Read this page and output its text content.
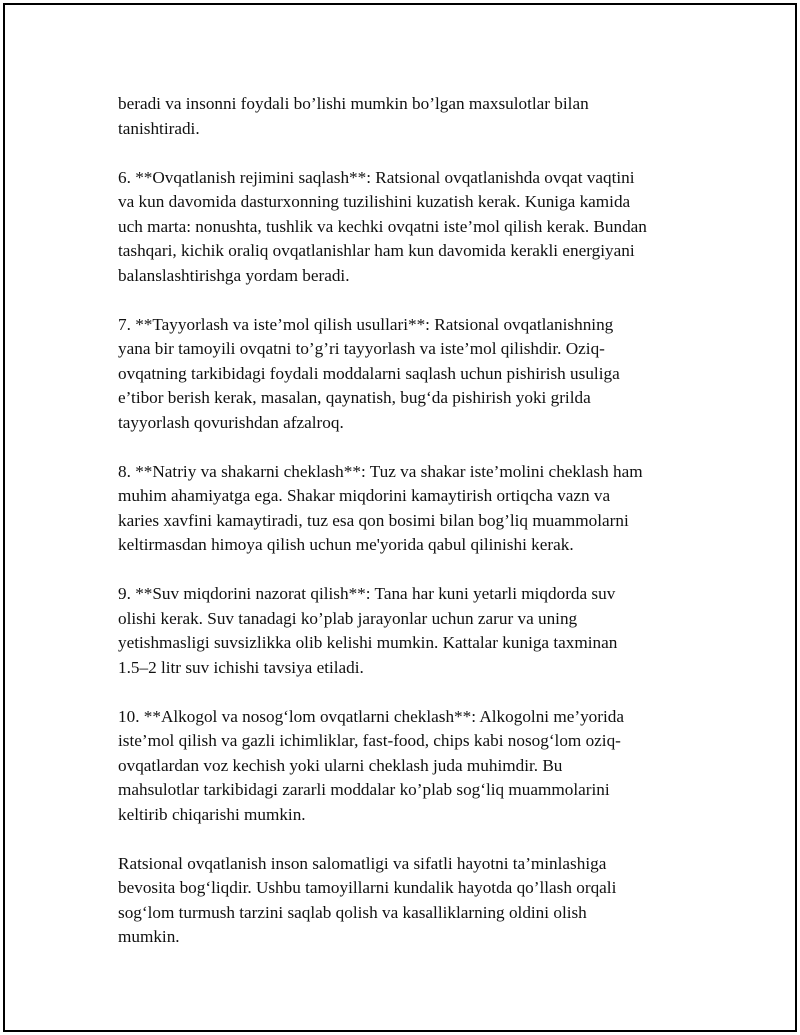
beradi va insonni foydali bo’lishi mumkin bo’lgan maxsulotlar bilan
tanishtiradi.

6. **Ovqatlanish rejimini saqlash**: Ratsional ovqatlanishda ovqat vaqtini
va kun davomida dasturxonning tuzilishini kuzatish kerak. Kuniga kamida
uch marta: nonushta, tushlik va kechki ovqatni iste’mol qilish kerak. Bundan
tashqari, kichik oraliq ovqatlanishlar ham kun davomida kerakli energiyani
balanslashtirishga yordam beradi.

7. **Tayyorlash va iste’mol qilish usullari**: Ratsional ovqatlanishning
yana bir tamoyili ovqatni to’g’ri tayyorlash va iste’mol qilishdir. Oziq-
ovqatning tarkibidagi foydali moddalarni saqlash uchun pishirish usuliga
e’tibor berish kerak, masalan, qaynatish, bug‘da pishirish yoki grilda
tayyorlash qovurishdan afzalroq.

8. **Natriy va shakarni cheklash**: Tuz va shakar iste’molini cheklash ham
muhim ahamiyatga ega. Shakar miqdorini kamaytirish ortiqcha vazn va
karies xavfini kamaytiradi, tuz esa qon bosimi bilan bog’liq muammolarni
keltirmasdan himoya qilish uchun me'yorida qabul qilinishi kerak.

9. **Suv miqdorini nazorat qilish**: Tana har kuni yetarli miqdorda suv
olishi kerak. Suv tanadagi ko’plab jarayonlar uchun zarur va uning
yetishmasligi suvsizlikka olib kelishi mumkin. Kattalar kuniga taxminan
1.5–2 litr suv ichishi tavsiya etiladi.

10. **Alkogol va nosog‘lom ovqatlarni cheklash**: Alkogolni me’yorida
iste’mol qilish va gazli ichimliklar, fast-food, chips kabi nosog‘lom oziq-
ovqatlardan voz kechish yoki ularni cheklash juda muhimdir. Bu
mahsulotlar tarkibidagi zararli moddalar ko’plab sog‘liq muammolarini
keltirib chiqarishi mumkin.

Ratsional ovqatlanish inson salomatligi va sifatli hayotni ta’minlashiga
bevosita bog‘liqdir. Ushbu tamoyillarni kundalik hayotda qo’llash orqali
sog‘lom turmush tarzini saqlab qolish va kasalliklarning oldini olish
mumkin.
